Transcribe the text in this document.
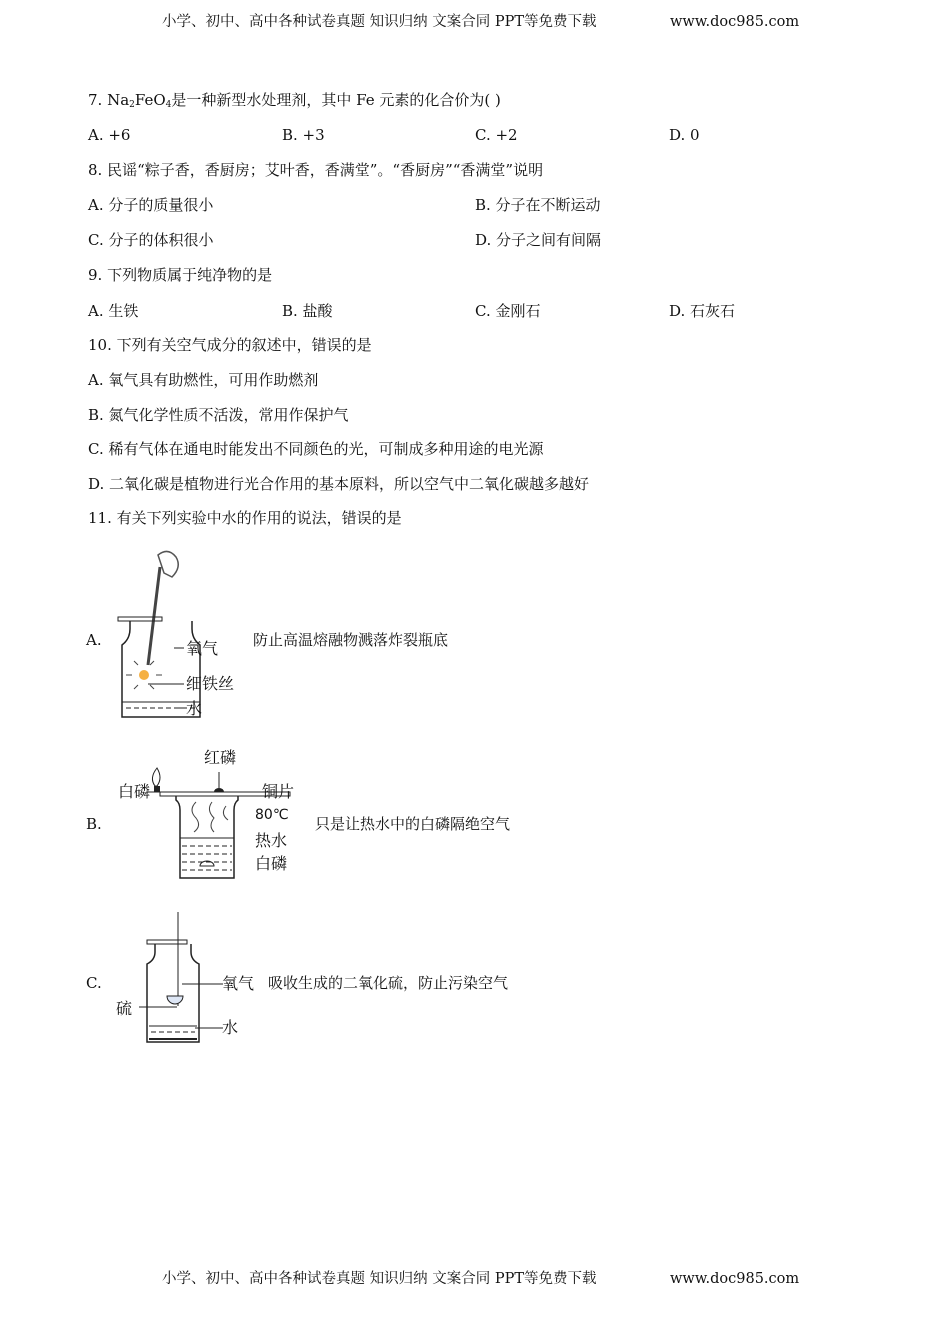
小学、初中、高中各种试卷真题 知识归纳 文案合同 PPT等免费下载	www.doc985.com
7. $Na_2FeO_4$是一种新型水处理剂，其中 Fe 元素的化合价为( )
A. +6	B. +3	C. +2	D. 0
8. 民谣“粽子香，香厨房；艾叶香，香满堂”。“香厨房”“香满堂”说明
A. 分子的质量很小	B. 分子在不断运动
C. 分子的体积很小	D. 分子之间有间隔
9. 下列物质属于纯净物的是
A. 生铁	B. 盐酸	C. 金刚石	D. 石灰石
10. 下列有关空气成分的叙述中，错误的是
A. 氧气具有助燃性，可用作助燃剂
B. 氮气化学性质不活泼，常用作保护气
C. 稀有气体在通电时能发出不同颜色的光，可制成多种用途的电光源
D. 二氧化碳是植物进行光合作用的基本原料，所以空气中二氧化碳越多越好
11. 有关下列实验中水的作用的说法，错误的是
A.	氧气
细铁丝
水
防止高温熔融物溅落炸裂瓶底
B.
红磷
白磷	铜片
80℃
热水
白磷
只是让热水中的白磷隔绝空气
C.	氧气
硫
水
吸收生成的二氧化硫，防止污染空气
小学、初中、高中各种试卷真题 知识归纳 文案合同 PPT等免费下载	www.doc985.com
